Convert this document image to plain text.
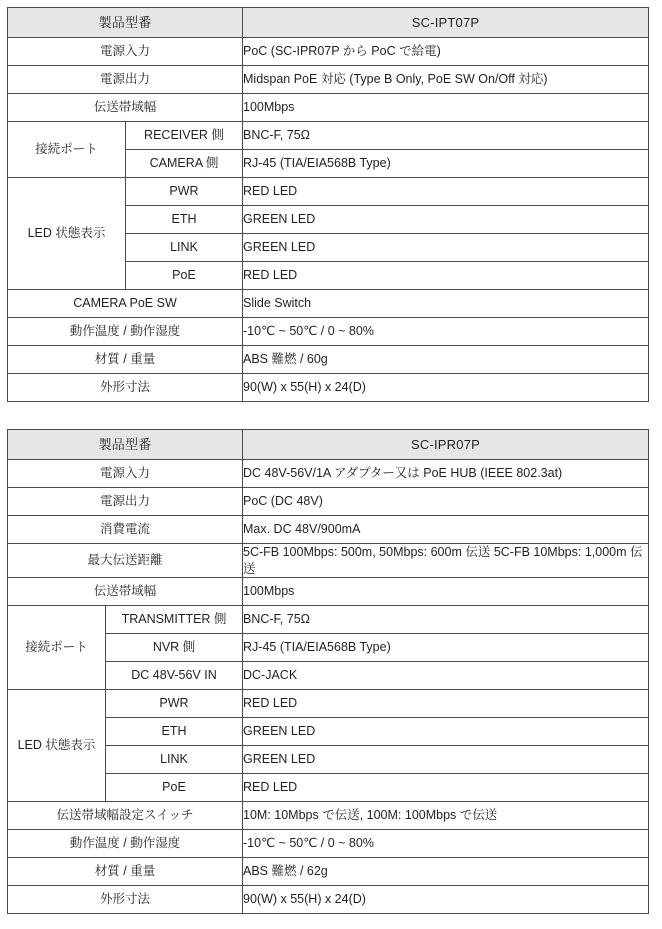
製品型番		SC-IPT07P
電源入力		PoC (SC-IPR07P から PoC で給電)
電源出力		Midspan PoE 対応 (Type B Only, PoE SW On/Off 対応)
伝送帯域幅		100Mbps
接続ポート	RECEIVER 側	BNC-F, 75Ω
	CAMERA 側	RJ-45 (TIA/EIA568B Type)
LED 状態表示	PWR	RED LED
	ETH	GREEN LED
	LINK	GREEN LED
	PoE	RED LED
CAMERA PoE SW		Slide Switch
動作温度 / 動作湿度		-10℃ ~ 50℃ / 0 ~ 80%
材質 / 重量		ABS 難燃 / 60g
外形寸法		90(W) x 55(H) x 24(D)
製品型番		SC-IPR07P
電源入力		DC 48V-56V/1A アダプター又は PoE HUB (IEEE 802.3at)
電源出力		PoC (DC 48V)
消費電流		Max. DC 48V/900mA
最大伝送距離		5C-FB 100Mbps: 500m, 50Mbps: 600m 伝送 5C-FB 10Mbps: 1,000m 伝送
伝送帯域幅		100Mbps
接続ポート	TRANSMITTER 側	BNC-F, 75Ω
	NVR 側	RJ-45 (TIA/EIA568B Type)
	DC 48V-56V IN	DC-JACK
LED 状態表示	PWR	RED LED
	ETH	GREEN LED
	LINK	GREEN LED
	PoE	RED LED
伝送帯域幅設定スイッチ		10M: 10Mbps で伝送, 100M: 100Mbps で伝送
動作温度 / 動作湿度		-10℃ ~ 50℃ / 0 ~ 80%
材質 / 重量		ABS 難燃 / 62g
外形寸法		90(W) x 55(H) x 24(D)
